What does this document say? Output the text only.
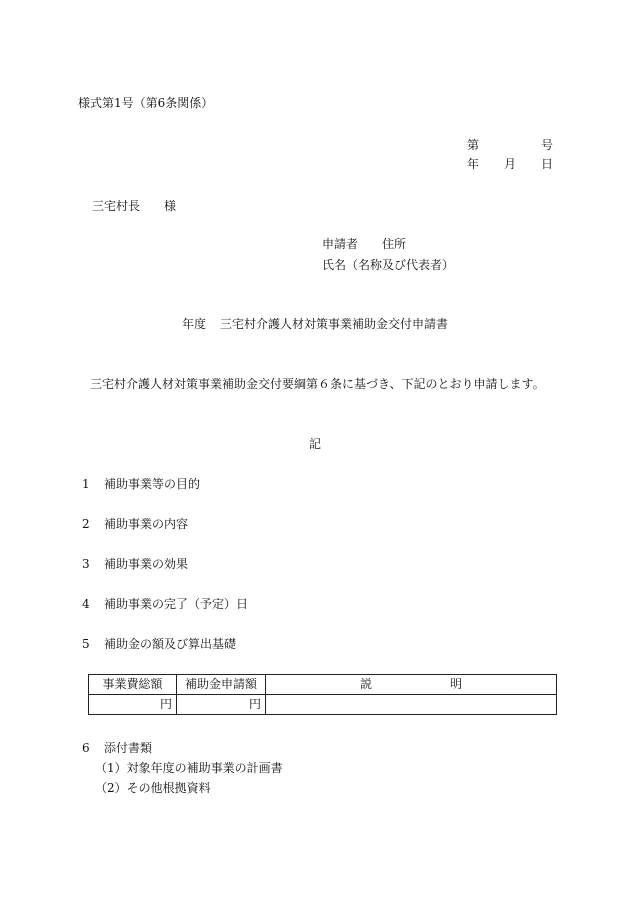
様式第1号（第6条関係）
第	号
年 月 日
三宅村長 様
申請者 住所
氏名（名称及び代表者）
年度 三宅村介護人材対策事業補助金交付申請書
三宅村介護人材対策事業補助金交付要綱第６条に基づき、下記のとおり申請します。
記
1 補助事業等の目的
2 補助事業の内容
3 補助事業の効果
4 補助事業の完了（予定）日
5 補助金の額及び算出基礎
事業費総額	補助金申請額	説 明
円	円	
6 添付書類
（1）対象年度の補助事業の計画書
（2）その他根拠資料
